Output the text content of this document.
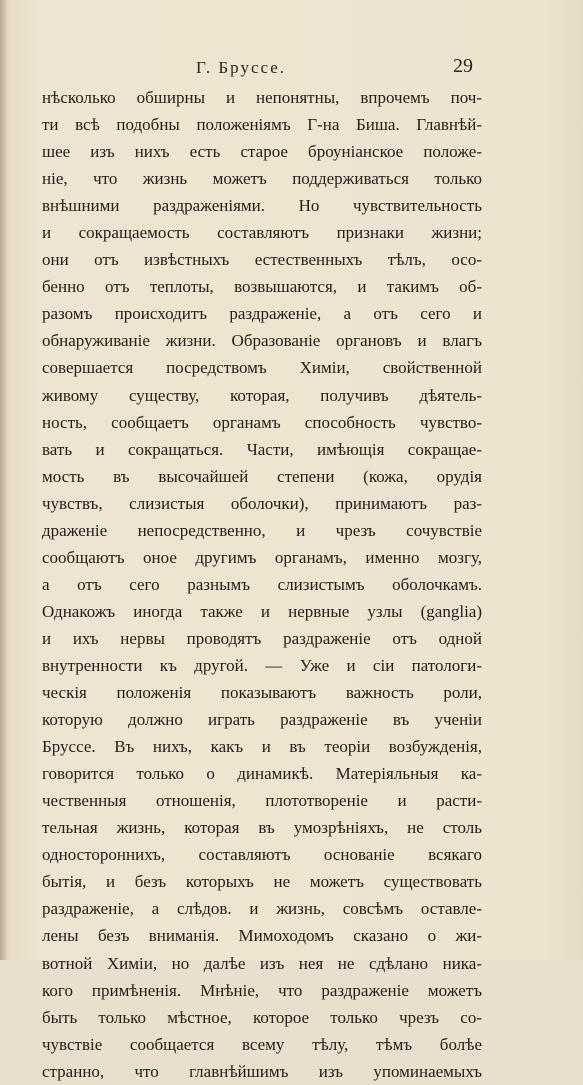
Г. Бруссе.	29
нѣсколько обширны и непонятны, впрочемъ поч-
ти всѣ подобны положеніямъ Г-на Биша. Главнѣй-
шее изъ нихъ есть старое броуніанское положе-
ніе, что жизнь можетъ поддерживаться только
внѣшними раздраженіями. Но чувствительность
и сокращаемость составляютъ признаки жизни;
они отъ извѣстныхъ естественныхъ тѣлъ, осо-
бенно отъ теплоты, возвышаются, и такимъ об-
разомъ происходитъ раздраженіе, а отъ сего и
обнаруживаніе жизни. Образованіе органовъ и влагъ
совершается посредствомъ Химіи, свойственной
живому существу, которая, получивъ дѣятель-
ность, сообщаетъ органамъ способность чувство-
вать и сокращаться. Части, имѣющія сокращае-
мость въ высочайшей степени (кожа, орудія
чувствъ, слизистыя оболочки), принимаютъ раз-
драженіе непосредственно, и чрезъ сочувствіе
сообщаютъ оное другимъ органамъ, именно мозгу,
а отъ сего разнымъ слизистымъ оболочкамъ.
Однакожъ иногда также и нервные узлы (ganglia)
и ихъ нервы проводятъ раздраженіе отъ одной
внутренности къ другой. — Уже и сіи патологи-
ческія положенія показываютъ важность роли,
которую должно играть раздраженіе въ ученіи
Бруссе. Въ нихъ, какъ и въ теоріи возбужденія,
говорится только о динамикѣ. Матеріяльныя ка-
чественныя отношенія, плототвореніе и расти-
тельная жизнь, которая въ умозрѣніяхъ, не столь
одностороннихъ, составляютъ основаніе всякаго
бытія, и безъ которыхъ не можетъ существовать
раздраженіе, а слѣдов. и жизнь, совсѣмъ оставле-
лены безъ вниманія. Мимоходомъ сказано о жи-
вотной Химіи, но далѣе изъ нея не сдѣлано ника-
кого примѣненія. Мнѣніе, что раздраженіе можетъ
быть только мѣстное, которое только чрезъ со-
чувствіе сообщается всему тѣлу, тѣмъ болѣе
странно, что главнѣйшимъ изъ упоминаемыхъ
